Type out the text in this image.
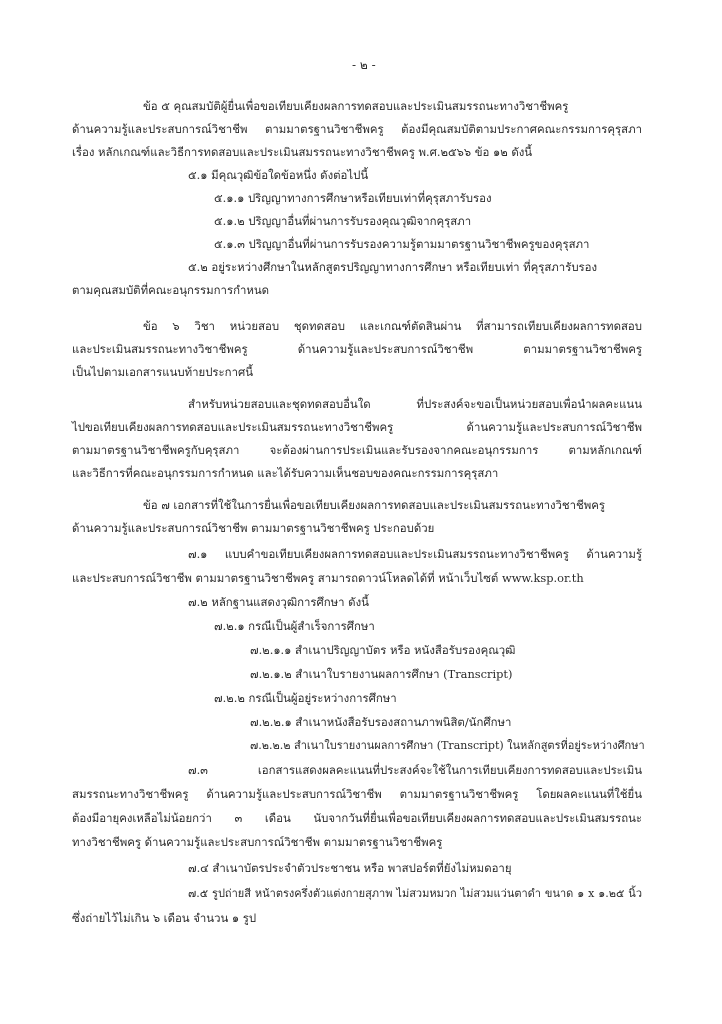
- ๒ -
ข้อ ๕ คุณสมบัติผู้ยื่นเพื่อขอเทียบเคียงผลการทดสอบและประเมินสมรรถนะทางวิชาชีพครู
ด้านความรู้และประสบการณ์วิชาชีพ ตามมาตรฐานวิชาชีพครู ต้องมีคุณสมบัติตามประกาศคณะกรรมการคุรุสภา
เรื่อง หลักเกณฑ์และวิธีการทดสอบและประเมินสมรรถนะทางวิชาชีพครู พ.ศ.๒๕๖๖ ข้อ ๑๒ ดังนี้
๕.๑ มีคุณวุฒิข้อใดข้อหนึ่ง ดังต่อไปนี้
๕.๑.๑ ปริญญาทางการศึกษาหรือเทียบเท่าที่คุรุสภารับรอง
๕.๑.๒ ปริญญาอื่นที่ผ่านการรับรองคุณวุฒิจากคุรุสภา
๕.๑.๓ ปริญญาอื่นที่ผ่านการรับรองความรู้ตามมาตรฐานวิชาชีพครูของคุรุสภา
๕.๒ อยู่ระหว่างศึกษาในหลักสูตรปริญญาทางการศึกษา หรือเทียบเท่า ที่คุรุสภารับรอง
ตามคุณสมบัติที่คณะอนุกรรมการกำหนด
ข้อ ๖ วิชา หน่วยสอบ ชุดทดสอบ และเกณฑ์ตัดสินผ่าน ที่สามารถเทียบเคียงผลการทดสอบ
และประเมินสมรรถนะทางวิชาชีพครู ด้านความรู้และประสบการณ์วิชาชีพ ตามมาตรฐานวิชาชีพครู
เป็นไปตามเอกสารแนบท้ายประกาศนี้
สำหรับหน่วยสอบและชุดทดสอบอื่นใด ที่ประสงค์จะขอเป็นหน่วยสอบเพื่อนำผลคะแนน
ไปขอเทียบเคียงผลการทดสอบและประเมินสมรรถนะทางวิชาชีพครู ด้านความรู้และประสบการณ์วิชาชีพ
ตามมาตรฐานวิชาชีพครูกับคุรุสภา จะต้องผ่านการประเมินและรับรองจากคณะอนุกรรมการ ตามหลักเกณฑ์
และวิธีการที่คณะอนุกรรมการกำหนด และได้รับความเห็นชอบของคณะกรรมการคุรุสภา
ข้อ ๗ เอกสารที่ใช้ในการยื่นเพื่อขอเทียบเคียงผลการทดสอบและประเมินสมรรถนะทางวิชาชีพครู
ด้านความรู้และประสบการณ์วิชาชีพ ตามมาตรฐานวิชาชีพครู ประกอบด้วย
๗.๑ แบบคำขอเทียบเคียงผลการทดสอบและประเมินสมรรถนะทางวิชาชีพครู ด้านความรู้
และประสบการณ์วิชาชีพ ตามมาตรฐานวิชาชีพครู สามารถดาวน์โหลดได้ที่ หน้าเว็บไซต์ www.ksp.or.th
๗.๒ หลักฐานแสดงวุฒิการศึกษา ดังนี้
๗.๒.๑ กรณีเป็นผู้สำเร็จการศึกษา
๗.๒.๑.๑ สำเนาปริญญาบัตร หรือ หนังสือรับรองคุณวุฒิ
๗.๒.๑.๒ สำเนาใบรายงานผลการศึกษา (Transcript)
๗.๒.๒ กรณีเป็นผู้อยู่ระหว่างการศึกษา
๗.๒.๒.๑ สำเนาหนังสือรับรองสถานภาพนิสิต/นักศึกษา
๗.๒.๒.๒ สำเนาใบรายงานผลการศึกษา (Transcript) ในหลักสูตรที่อยู่ระหว่างศึกษา
๗.๓ เอกสารแสดงผลคะแนนที่ประสงค์จะใช้ในการเทียบเคียงการทดสอบและประเมิน
สมรรถนะทางวิชาชีพครู ด้านความรู้และประสบการณ์วิชาชีพ ตามมาตรฐานวิชาชีพครู โดยผลคะแนนที่ใช้ยื่น
ต้องมีอายุคงเหลือไม่น้อยกว่า ๓ เดือน นับจากวันที่ยื่นเพื่อขอเทียบเคียงผลการทดสอบและประเมินสมรรถนะ
ทางวิชาชีพครู ด้านความรู้และประสบการณ์วิชาชีพ ตามมาตรฐานวิชาชีพครู
๗.๔ สำเนาบัตรประจำตัวประชาชน หรือ พาสปอร์ตที่ยังไม่หมดอายุ
๗.๕ รูปถ่ายสี หน้าตรงครึ่งตัวแต่งกายสุภาพ ไม่สวมหมวก ไม่สวมแว่นตาดำ ขนาด ๑ x ๑.๒๕ นิ้ว
ซึ่งถ่ายไว้ไม่เกิน ๖ เดือน จำนวน ๑ รูป
